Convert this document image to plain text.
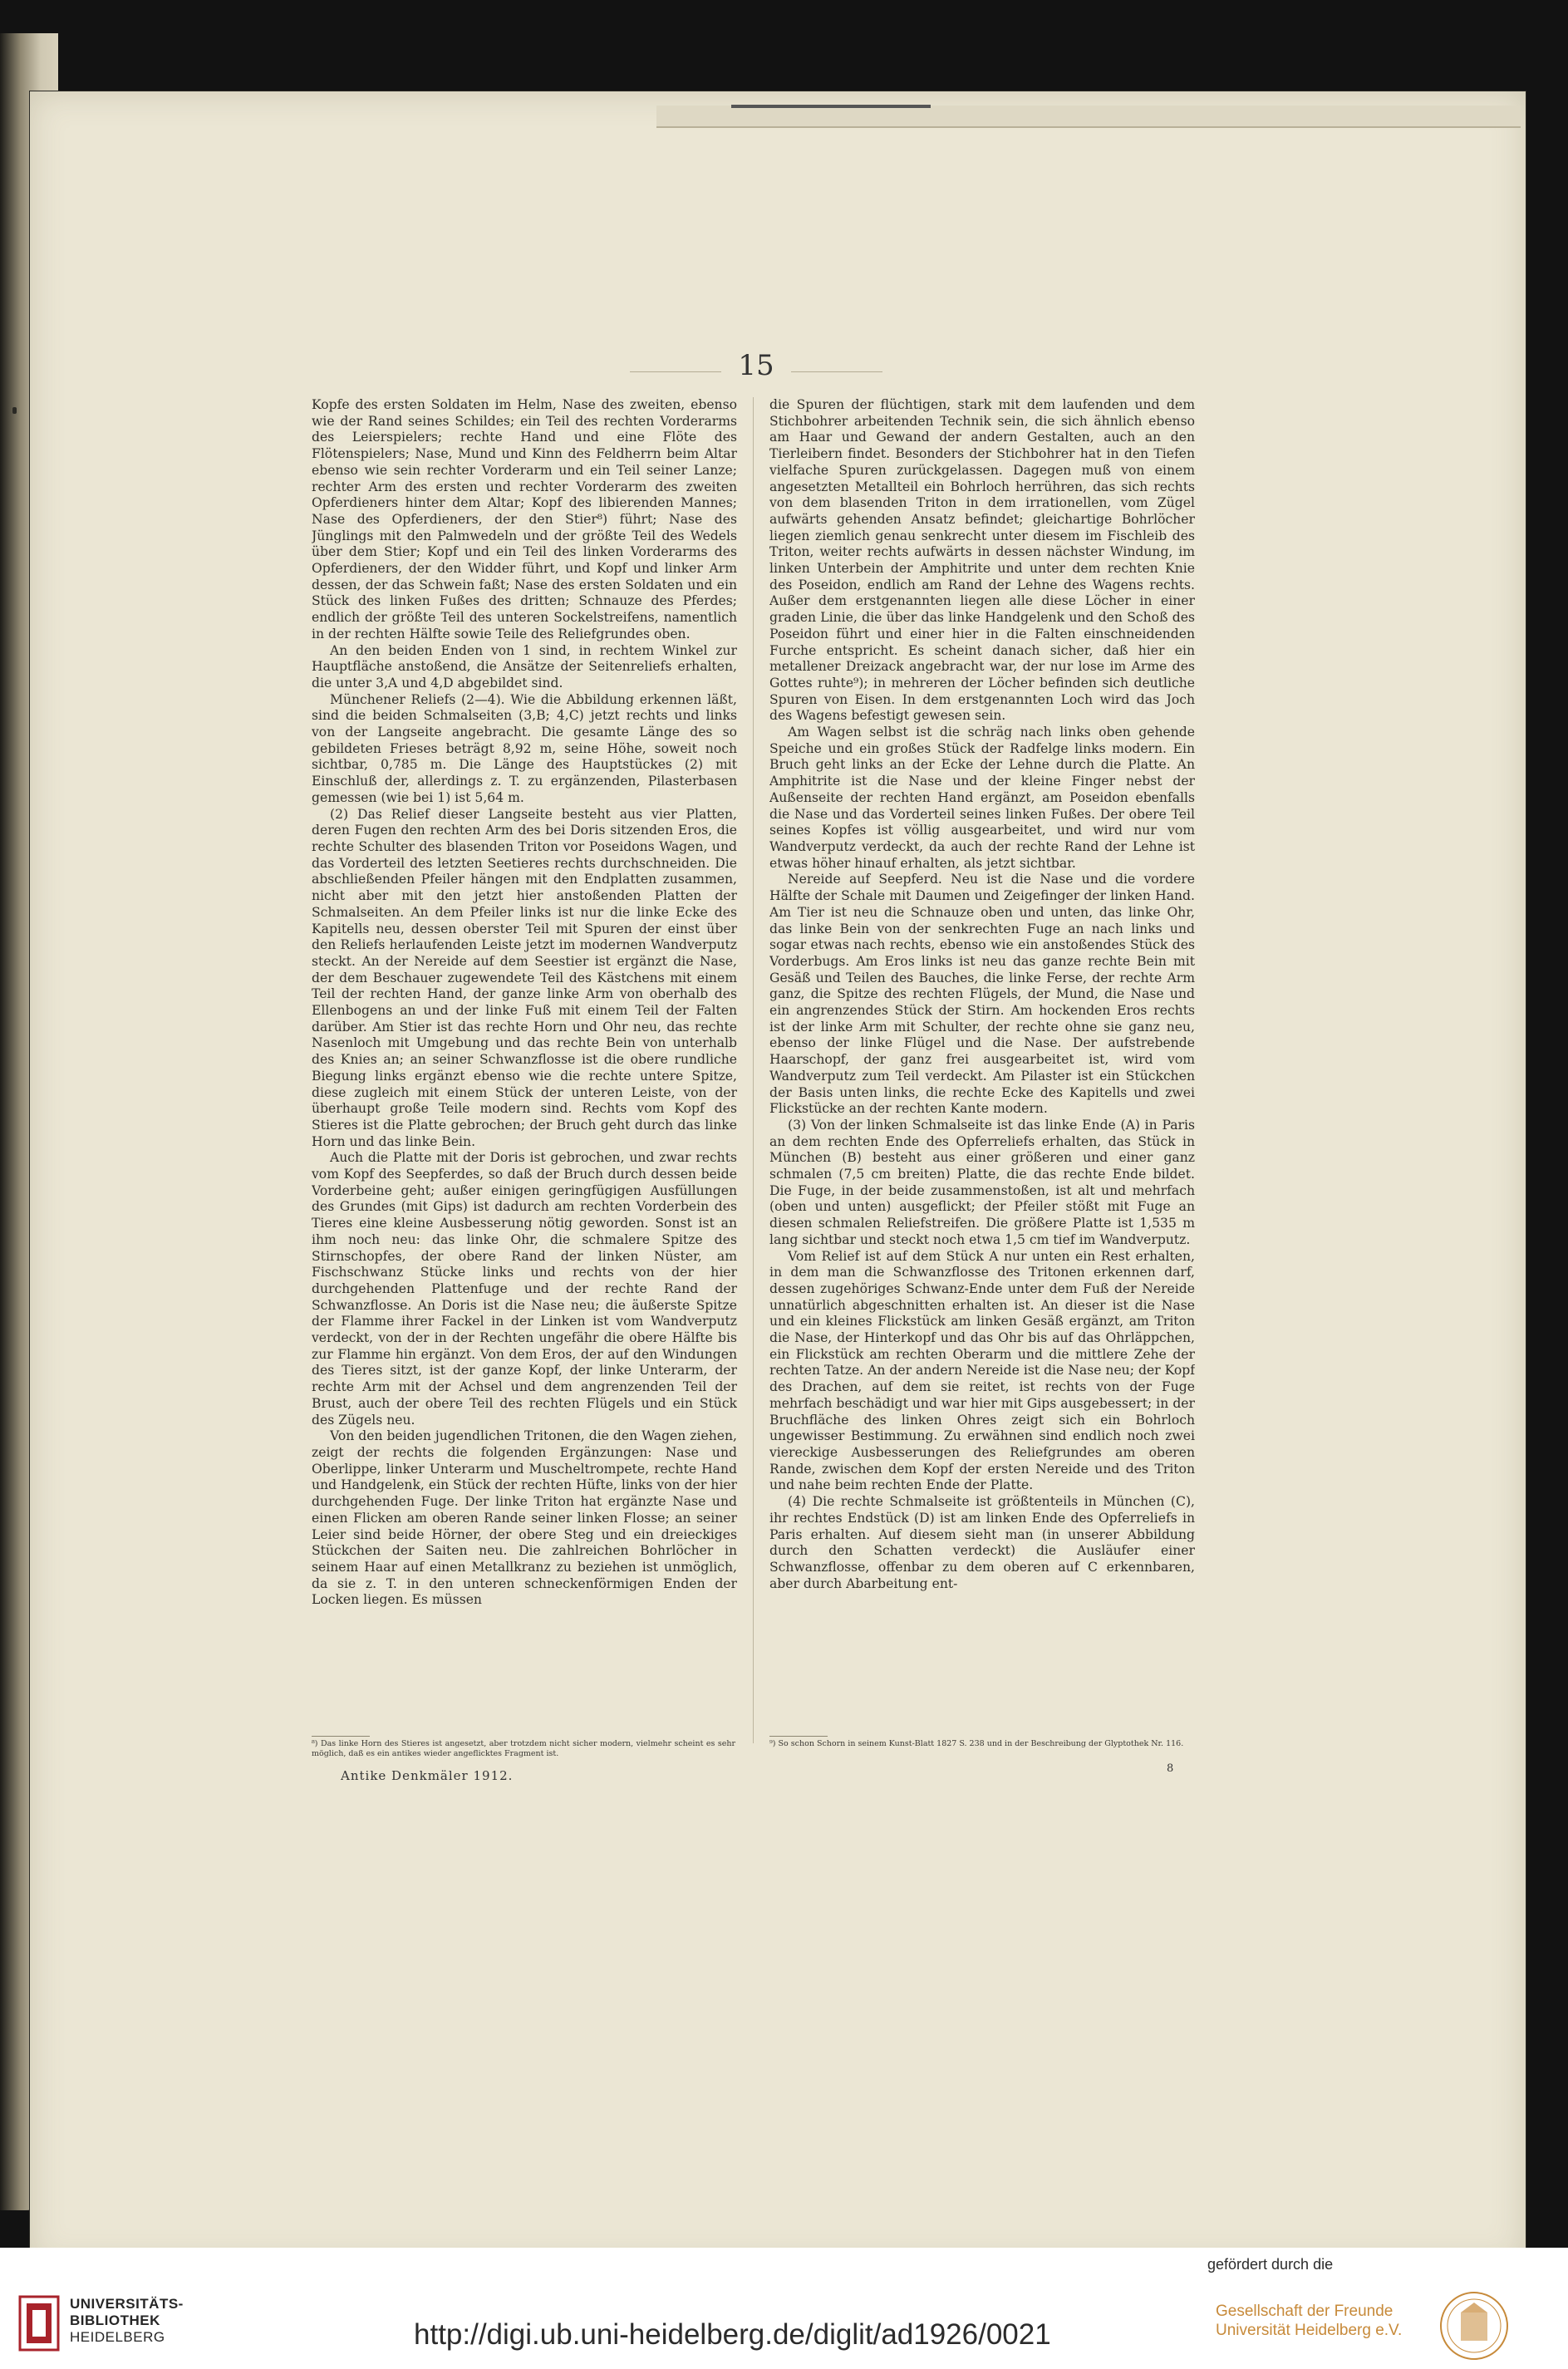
15

Kopfe des ersten Soldaten im Helm, Nase des zweiten, ebenso wie der Rand seines Schildes; ein Teil des rechten Vorderarms des Leierspielers; rechte Hand und eine Flöte des Flötenspielers; Nase, Mund und Kinn des Feldherrn beim Altar ebenso wie sein rechter Vorderarm und ein Teil seiner Lanze; rechter Arm des ersten und rechter Vorderarm des zweiten Opferdieners hinter dem Altar; Kopf des libierenden Mannes; Nase des Opferdieners, der den Stier⁸) führt; Nase des Jünglings mit den Palmwedeln und der größte Teil des Wedels über dem Stier; Kopf und ein Teil des linken Vorderarms des Opferdieners, der den Widder führt, und Kopf und linker Arm dessen, der das Schwein faßt; Nase des ersten Soldaten und ein Stück des linken Fußes des dritten; Schnauze des Pferdes; endlich der größte Teil des unteren Sockelstreifens, namentlich in der rechten Hälfte sowie Teile des Reliefgrundes oben.

An den beiden Enden von 1 sind, in rechtem Winkel zur Hauptfläche anstoßend, die Ansätze der Seitenreliefs erhalten, die unter 3,A und 4,D abgebildet sind.

Münchener Reliefs (2—4). Wie die Abbildung erkennen läßt, sind die beiden Schmalseiten (3,B; 4,C) jetzt rechts und links von der Langseite angebracht. Die gesamte Länge des so gebildeten Frieses beträgt 8,92 m, seine Höhe, soweit noch sichtbar, 0,785 m. Die Länge des Hauptstückes (2) mit Einschluß der, allerdings z. T. zu ergänzenden, Pilasterbasen gemessen (wie bei 1) ist 5,64 m.

(2) Das Relief dieser Langseite besteht aus vier Platten, deren Fugen den rechten Arm des bei Doris sitzenden Eros, die rechte Schulter des blasenden Triton vor Poseidons Wagen, und das Vorderteil des letzten Seetieres rechts durchschneiden. Die abschließenden Pfeiler hängen mit den Endplatten zusammen, nicht aber mit den jetzt hier anstoßenden Platten der Schmalseiten. An dem Pfeiler links ist nur die linke Ecke des Kapitells neu, dessen oberster Teil mit Spuren der einst über den Reliefs herlaufenden Leiste jetzt im modernen Wandverputz steckt. An der Nereide auf dem Seestier ist ergänzt die Nase, der dem Beschauer zugewendete Teil des Kästchens mit einem Teil der rechten Hand, der ganze linke Arm von oberhalb des Ellenbogens an und der linke Fuß mit einem Teil der Falten darüber. Am Stier ist das rechte Horn und Ohr neu, das rechte Nasenloch mit Umgebung und das rechte Bein von unterhalb des Knies an; an seiner Schwanzflosse ist die obere rundliche Biegung links ergänzt ebenso wie die rechte untere Spitze, diese zugleich mit einem Stück der unteren Leiste, von der überhaupt große Teile modern sind. Rechts vom Kopf des Stieres ist die Platte gebrochen; der Bruch geht durch das linke Horn und das linke Bein.

Auch die Platte mit der Doris ist gebrochen, und zwar rechts vom Kopf des Seepferdes, so daß der Bruch durch dessen beide Vorderbeine geht; außer einigen geringfügigen Ausfüllungen des Grundes (mit Gips) ist dadurch am rechten Vorderbein des Tieres eine kleine Ausbesserung nötig geworden. Sonst ist an ihm noch neu: das linke Ohr, die schmalere Spitze des Stirnschopfes, der obere Rand der linken Nüster, am Fischschwanz Stücke links und rechts von der hier durchgehenden Plattenfuge und der rechte Rand der Schwanzflosse. An Doris ist die Nase neu; die äußerste Spitze der Flamme ihrer Fackel in der Linken ist vom Wandverputz verdeckt, von der in der Rechten ungefähr die obere Hälfte bis zur Flamme hin ergänzt. Von dem Eros, der auf den Windungen des Tieres sitzt, ist der ganze Kopf, der linke Unterarm, der rechte Arm mit der Achsel und dem angrenzenden Teil der Brust, auch der obere Teil des rechten Flügels und ein Stück des Zügels neu.

Von den beiden jugendlichen Tritonen, die den Wagen ziehen, zeigt der rechts die folgenden Ergänzungen: Nase und Oberlippe, linker Unterarm und Muscheltrompete, rechte Hand und Handgelenk, ein Stück der rechten Hüfte, links von der hier durchgehenden Fuge. Der linke Triton hat ergänzte Nase und einen Flicken am oberen Rande seiner linken Flosse; an seiner Leier sind beide Hörner, der obere Steg und ein dreieckiges Stückchen der Saiten neu. Die zahlreichen Bohrlöcher in seinem Haar auf einen Metallkranz zu beziehen ist unmöglich, da sie z. T. in den unteren schneckenförmigen Enden der Locken liegen. Es müssen

die Spuren der flüchtigen, stark mit dem laufenden und dem Stichbohrer arbeitenden Technik sein, die sich ähnlich ebenso am Haar und Gewand der andern Gestalten, auch an den Tierleibern findet. Besonders der Stichbohrer hat in den Tiefen vielfache Spuren zurückgelassen. Dagegen muß von einem angesetzten Metallteil ein Bohrloch herrühren, das sich rechts von dem blasenden Triton in dem irrationellen, vom Zügel aufwärts gehenden Ansatz befindet; gleichartige Bohrlöcher liegen ziemlich genau senkrecht unter diesem im Fischleib des Triton, weiter rechts aufwärts in dessen nächster Windung, im linken Unterbein der Amphitrite und unter dem rechten Knie des Poseidon, endlich am Rand der Lehne des Wagens rechts. Außer dem erstgenannten liegen alle diese Löcher in einer graden Linie, die über das linke Handgelenk und den Schoß des Poseidon führt und einer hier in die Falten einschneidenden Furche entspricht. Es scheint danach sicher, daß hier ein metallener Dreizack angebracht war, der nur lose im Arme des Gottes ruhte⁹); in mehreren der Löcher befinden sich deutliche Spuren von Eisen. In dem erstgenannten Loch wird das Joch des Wagens befestigt gewesen sein.

Am Wagen selbst ist die schräg nach links oben gehende Speiche und ein großes Stück der Radfelge links modern. Ein Bruch geht links an der Ecke der Lehne durch die Platte. An Amphitrite ist die Nase und der kleine Finger nebst der Außenseite der rechten Hand ergänzt, am Poseidon ebenfalls die Nase und das Vorderteil seines linken Fußes. Der obere Teil seines Kopfes ist völlig ausgearbeitet, und wird nur vom Wandverputz verdeckt, da auch der rechte Rand der Lehne ist etwas höher hinauf erhalten, als jetzt sichtbar.

Nereide auf Seepferd. Neu ist die Nase und die vordere Hälfte der Schale mit Daumen und Zeigefinger der linken Hand. Am Tier ist neu die Schnauze oben und unten, das linke Ohr, das linke Bein von der senkrechten Fuge an nach links und sogar etwas nach rechts, ebenso wie ein anstoßendes Stück des Vorderbugs. Am Eros links ist neu das ganze rechte Bein mit Gesäß und Teilen des Bauches, die linke Ferse, der rechte Arm ganz, die Spitze des rechten Flügels, der Mund, die Nase und ein angrenzendes Stück der Stirn. Am hockenden Eros rechts ist der linke Arm mit Schulter, der rechte ohne sie ganz neu, ebenso der linke Flügel und die Nase. Der aufstrebende Haarschopf, der ganz frei ausgearbeitet ist, wird vom Wandverputz zum Teil verdeckt. Am Pilaster ist ein Stückchen der Basis unten links, die rechte Ecke des Kapitells und zwei Flickstücke an der rechten Kante modern.

(3) Von der linken Schmalseite ist das linke Ende (A) in Paris an dem rechten Ende des Opferreliefs erhalten, das Stück in München (B) besteht aus einer größeren und einer ganz schmalen (7,5 cm breiten) Platte, die das rechte Ende bildet. Die Fuge, in der beide zusammenstoßen, ist alt und mehrfach (oben und unten) ausgeflickt; der Pfeiler stößt mit Fuge an diesen schmalen Reliefstreifen. Die größere Platte ist 1,535 m lang sichtbar und steckt noch etwa 1,5 cm tief im Wandverputz.

Vom Relief ist auf dem Stück A nur unten ein Rest erhalten, in dem man die Schwanzflosse des Tritonen erkennen darf, dessen zugehöriges Schwanz-Ende unter dem Fuß der Nereide unnatürlich abgeschnitten erhalten ist. An dieser ist die Nase und ein kleines Flickstück am linken Gesäß ergänzt, am Triton die Nase, der Hinterkopf und das Ohr bis auf das Ohrläppchen, ein Flickstück am rechten Oberarm und die mittlere Zehe der rechten Tatze. An der andern Nereide ist die Nase neu; der Kopf des Drachen, auf dem sie reitet, ist rechts von der Fuge mehrfach beschädigt und war hier mit Gips ausgebessert; in der Bruchfläche des linken Ohres zeigt sich ein Bohrloch ungewisser Bestimmung. Zu erwähnen sind endlich noch zwei viereckige Ausbesserungen des Reliefgrundes am oberen Rande, zwischen dem Kopf der ersten Nereide und des Triton und nahe beim rechten Ende der Platte.

(4) Die rechte Schmalseite ist größtenteils in München (C), ihr rechtes Endstück (D) ist am linken Ende des Opferreliefs in Paris erhalten. Auf diesem sieht man (in unserer Abbildung durch den Schatten verdeckt) die Ausläufer einer Schwanzflosse, offenbar zu dem oberen auf C erkennbaren, aber durch Abarbeitung ent-

⁸) Das linke Horn des Stieres ist angesetzt, aber trotzdem nicht sicher modern, vielmehr scheint es sehr möglich, daß es ein antikes wieder angeflicktes Fragment ist.
⁹) So schon Schorn in seinem Kunst-Blatt 1827 S. 238 und in der Beschreibung der Glyptothek Nr. 116.
Antike Denkmäler 1912.	8
UNIVERSITÄTS-
BIBLIOTHEK
HEIDELBERG	http://digi.ub.uni-heidelberg.de/diglit/ad1926/0021
gefördert durch die
Gesellschaft der Freunde
Universität Heidelberg e.V.
